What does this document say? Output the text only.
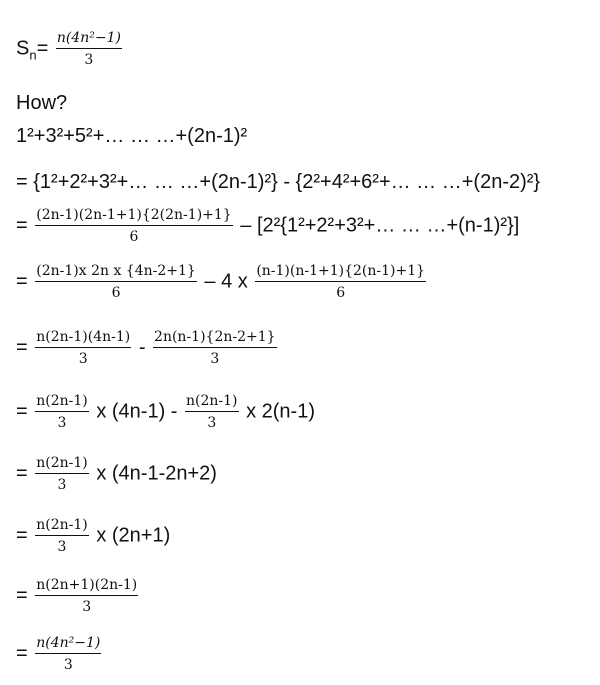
$S_n= \frac{\text{n(4n²−1)}}{3}$
How?
1²+3²+5²+… … …+(2n-1)²
= {1²+2²+3²+… … …+(2n-1)²} - {2²+4²+6²+… … …+(2n-2)²}
= $\frac{(2n-1)(2n-1+1)\{2(2n-1)+1\}}{6}$ – [2²{1²+2²+3²+… … …+(n-1)²}]
= $\frac{\text{(2n-1)x 2n x \{4n-2+1\}}}{6} - 4$ x $\frac{(n-1)(n-1+1)\{2(n-1)+1\}}{6}$
= $\frac{n(2n-1)(4n-1)}{3} - \frac{2n(n-1)\{2n-2+1\}}{3}$
= $\frac{n(2n-1)}{3}$ x $(4n-1) - \frac{n(2n-1)}{3}$ x 2(n-1)
= $\frac{n(2n-1)}{3}$ x (4n-1-2n+2)
= $\frac{n(2n-1)}{3}$ x (2n+1)
= $\frac{n(2n+1)(2n-1)}{3}$
= $\frac{\text{n(4n²−1)}}{3}$
